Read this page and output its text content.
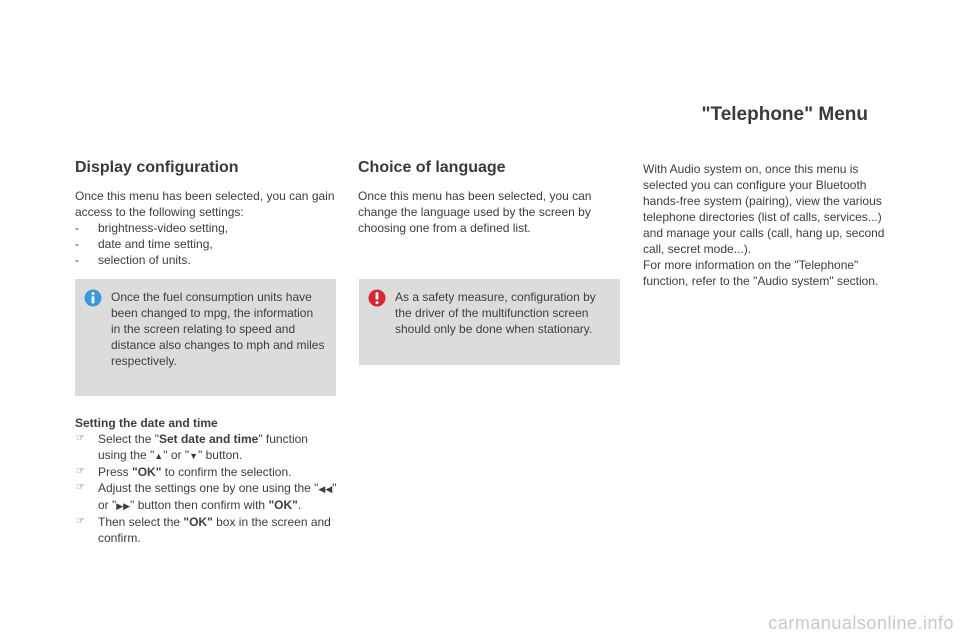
"Telephone" Menu
Display configuration

Once this menu has been selected, you can gain access to the following settings:

- brightness-video setting,
- date and time setting,
- selection of units.
Once the fuel consumption units have been changed to mpg, the information in the screen relating to speed and distance also changes to mph and miles respectively.
Setting the date and time
☞ Select the "Set date and time" function using the "▲" or "▼" button.
☞ Press "OK" to confirm the selection.
☞ Adjust the settings one by one using the "◀◀" or "▶▶" button then confirm with "OK".
☞ Then select the "OK" box in the screen and confirm.
Choice of language

Once this menu has been selected, you can change the language used by the screen by choosing one from a defined list.

As a safety measure, configuration by the driver of the multifunction screen should only be done when stationary.

With Audio system on, once this menu is selected you can configure your Bluetooth hands-free system (pairing), view the various telephone directories (list of calls, services...) and manage your calls (call, hang up, second call, secret mode...).

For more information on the "Telephone" function, refer to the "Audio system" section.

carmanualsonline.info
